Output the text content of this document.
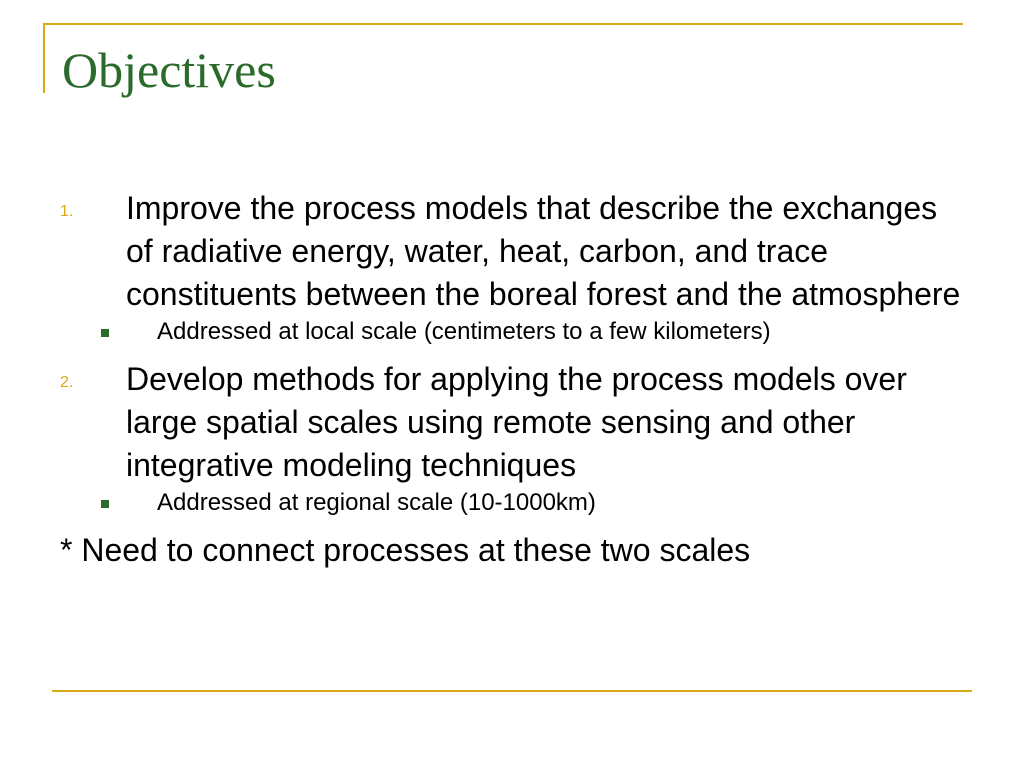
Objectives
1. Improve the process models that describe the exchanges of radiative energy, water, heat, carbon, and trace constituents between the boreal forest and the atmosphere
Addressed at local scale (centimeters to a few kilometers)
2. Develop methods for applying the process models over large spatial scales using remote sensing and other integrative modeling techniques
Addressed at regional scale (10-1000km)
* Need to connect processes at these two scales
